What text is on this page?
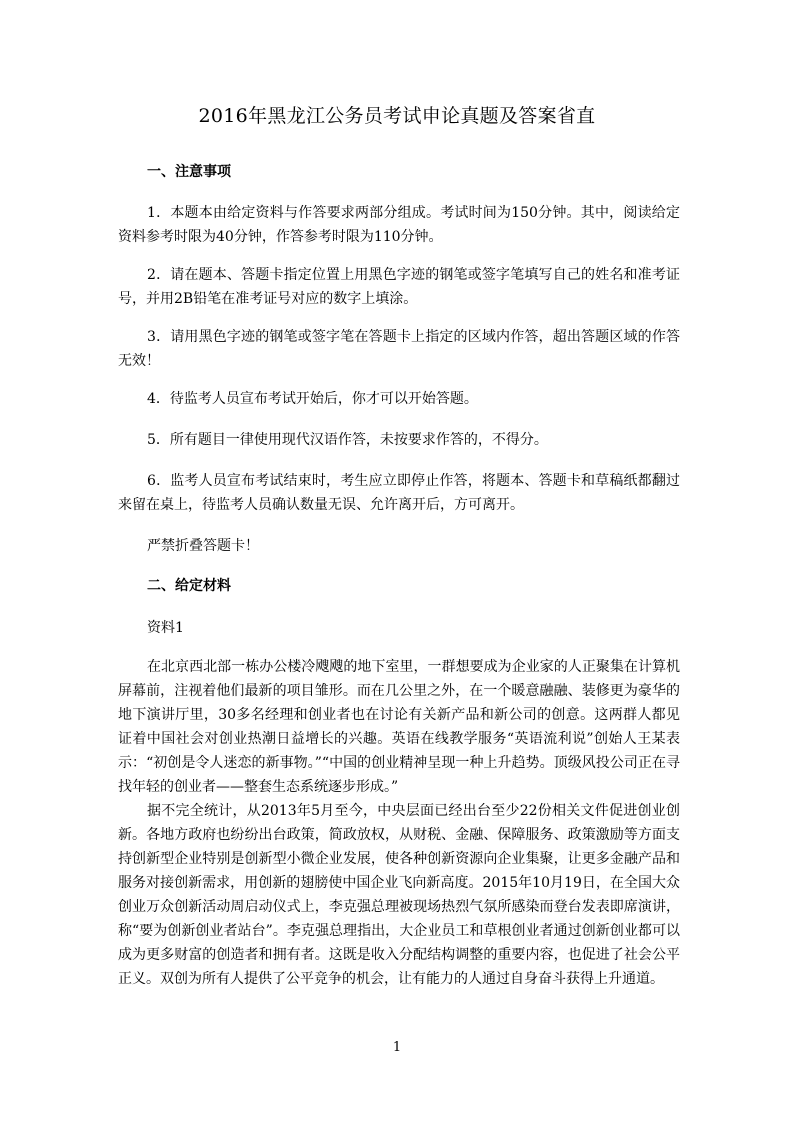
2016年黑龙江公务员考试申论真题及答案省直
一、注意事项
1．本题本由给定资料与作答要求两部分组成。考试时间为150分钟。其中，阅读给定资料参考时限为40分钟，作答参考时限为110分钟。
2．请在题本、答题卡指定位置上用黑色字迹的钢笔或签字笔填写自己的姓名和准考证号，并用2B铅笔在准考证号对应的数字上填涂。
3．请用黑色字迹的钢笔或签字笔在答题卡上指定的区域内作答，超出答题区域的作答无效！
4．待监考人员宣布考试开始后，你才可以开始答题。
5．所有题目一律使用现代汉语作答，未按要求作答的，不得分。
6．监考人员宣布考试结束时，考生应立即停止作答，将题本、答题卡和草稿纸都翻过来留在桌上，待监考人员确认数量无误、允许离开后，方可离开。
严禁折叠答题卡！
二、给定材料
资料1
在北京西北部一栋办公楼冷飕飕的地下室里，一群想要成为企业家的人正聚集在计算机屏幕前，注视着他们最新的项目雏形。而在几公里之外，在一个暖意融融、装修更为豪华的地下演讲厅里，30多名经理和创业者也在讨论有关新产品和新公司的创意。这两群人都见证着中国社会对创业热潮日益增长的兴趣。英语在线教学服务“英语流利说”创始人王某表示：“初创是令人迷恋的新事物。”“中国的创业精神呈现一种上升趋势。顶级风投公司正在寻找年轻的创业者——整套生态系统逐步形成。”
据不完全统计，从2013年5月至今，中央层面已经出台至少22份相关文件促进创业创新。各地方政府也纷纷出台政策，简政放权，从财税、金融、保障服务、政策激励等方面支持创新型企业特别是创新型小微企业发展，使各种创新资源向企业集聚，让更多金融产品和服务对接创新需求，用创新的翅膀使中国企业飞向新高度。2015年10月19日，在全国大众创业万众创新活动周启动仪式上，李克强总理被现场热烈气氛所感染而登台发表即席演讲，称“要为创新创业者站台”。李克强总理指出，大企业员工和草根创业者通过创新创业都可以成为更多财富的创造者和拥有者。这既是收入分配结构调整的重要内容，也促进了社会公平正义。双创为所有人提供了公平竞争的机会，让有能力的人通过自身奋斗获得上升通道。
1
